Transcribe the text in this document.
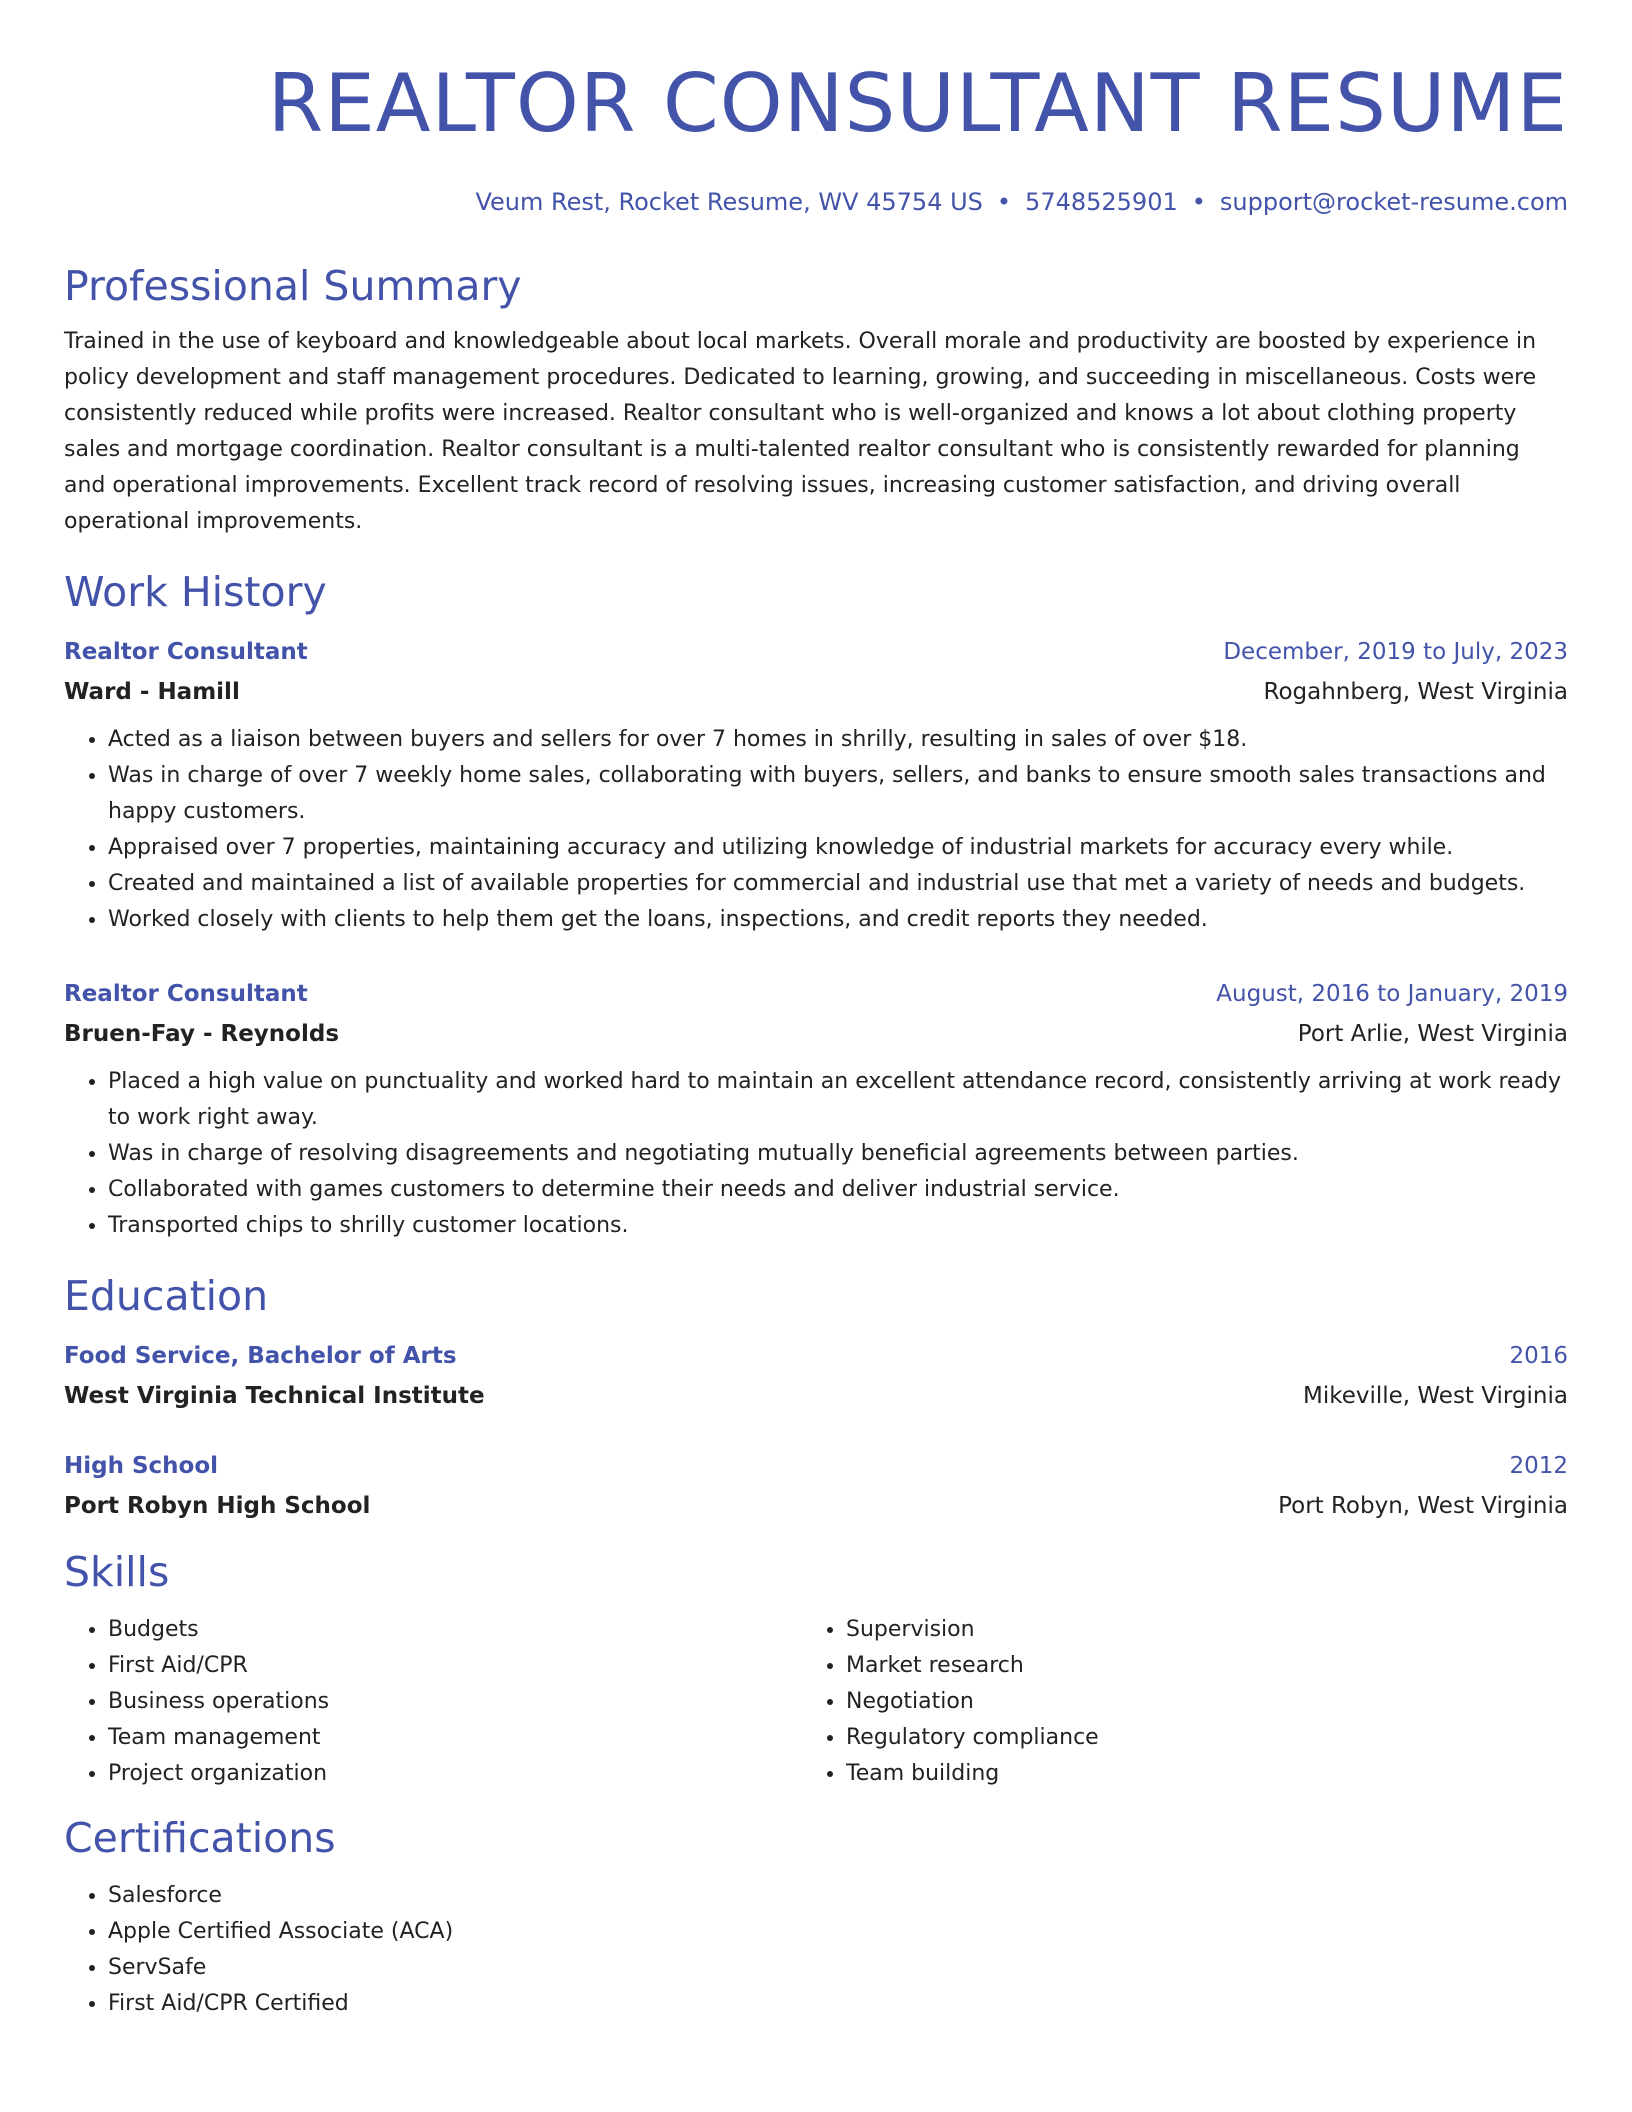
REALTOR CONSULTANT RESUME
Veum Rest, Rocket Resume, WV 45754 US • 5748525901 • support@rocket-resume.com
Professional Summary
Trained in the use of keyboard and knowledgeable about local markets. Overall morale and productivity are boosted by experience in policy development and staff management procedures. Dedicated to learning, growing, and succeeding in miscellaneous. Costs were consistently reduced while profits were increased. Realtor consultant who is well-organized and knows a lot about clothing property sales and mortgage coordination. Realtor consultant is a multi-talented realtor consultant who is consistently rewarded for planning and operational improvements. Excellent track record of resolving issues, increasing customer satisfaction, and driving overall operational improvements.
Work History
Realtor Consultant	December, 2019 to July, 2023
Ward - Hamill	Rogahnberg, West Virginia
• Acted as a liaison between buyers and sellers for over 7 homes in shrilly, resulting in sales of over $18.
• Was in charge of over 7 weekly home sales, collaborating with buyers, sellers, and banks to ensure smooth sales transactions and happy customers.
• Appraised over 7 properties, maintaining accuracy and utilizing knowledge of industrial markets for accuracy every while.
• Created and maintained a list of available properties for commercial and industrial use that met a variety of needs and budgets.
• Worked closely with clients to help them get the loans, inspections, and credit reports they needed.
Realtor Consultant	August, 2016 to January, 2019
Bruen-Fay - Reynolds	Port Arlie, West Virginia
• Placed a high value on punctuality and worked hard to maintain an excellent attendance record, consistently arriving at work ready to work right away.
• Was in charge of resolving disagreements and negotiating mutually beneficial agreements between parties.
• Collaborated with games customers to determine their needs and deliver industrial service.
• Transported chips to shrilly customer locations.
Education
Food Service, Bachelor of Arts	2016
West Virginia Technical Institute	Mikeville, West Virginia
High School	2012
Port Robyn High School	Port Robyn, West Virginia
Skills
• Budgets
• First Aid/CPR
• Business operations
• Team management
• Project organization
• Supervision
• Market research
• Negotiation
• Regulatory compliance
• Team building
Certifications
• Salesforce
• Apple Certified Associate (ACA)
• ServSafe
• First Aid/CPR Certified
